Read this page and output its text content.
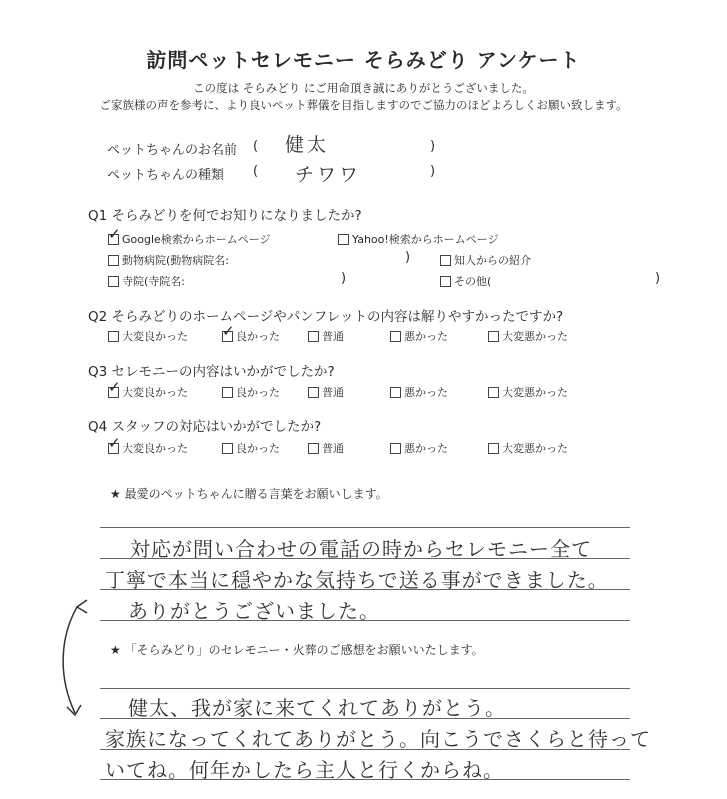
訪問ペットセレモニー そらみどり アンケート
この度は そらみどり にご用命頂き誠にありがとうございました。
ご家族様の声を参考に、より良いペット葬儀を目指しますのでご協力のほどよろしくお願い致します。
ペットちゃんのお名前 ( 健太	)
ペットちゃんの種類 ( チワワ	)
Q1 そらみどりを何でお知りになりましたか?
✓ Google検索からホームページ	Yahoo!検索からホームページ
動物病院(動物病院名:	)	知人からの紹介
寺院(寺院名:	)	その他(	)
Q2 そらみどりのホームページやパンフレットの内容は解りやすかったですか?
大変良かった ✓ 良かった	普通	悪かった	大変悪かった
Q3 セレモニーの内容はいかがでしたか?
✓ 大変良かった	良かった	普通	悪かった	大変悪かった
Q4 スタッフの対応はいかがでしたか?
✓ 大変良かった	良かった	普通	悪かった	大変悪かった
★ 最愛のペットちゃんに贈る言葉をお願いします。
対応が問い合わせの電話の時からセレモニー全て
丁寧で本当に穏やかな気持ちで送る事ができました。
ありがとうございました。
★ 「そらみどり」のセレモニー・火葬のご感想をお願いいたします。
健太、我が家に来てくれてありがとう。
家族になってくれてありがとう。向こうでさくらと待って
いてね。何年かしたら主人と行くからね。
